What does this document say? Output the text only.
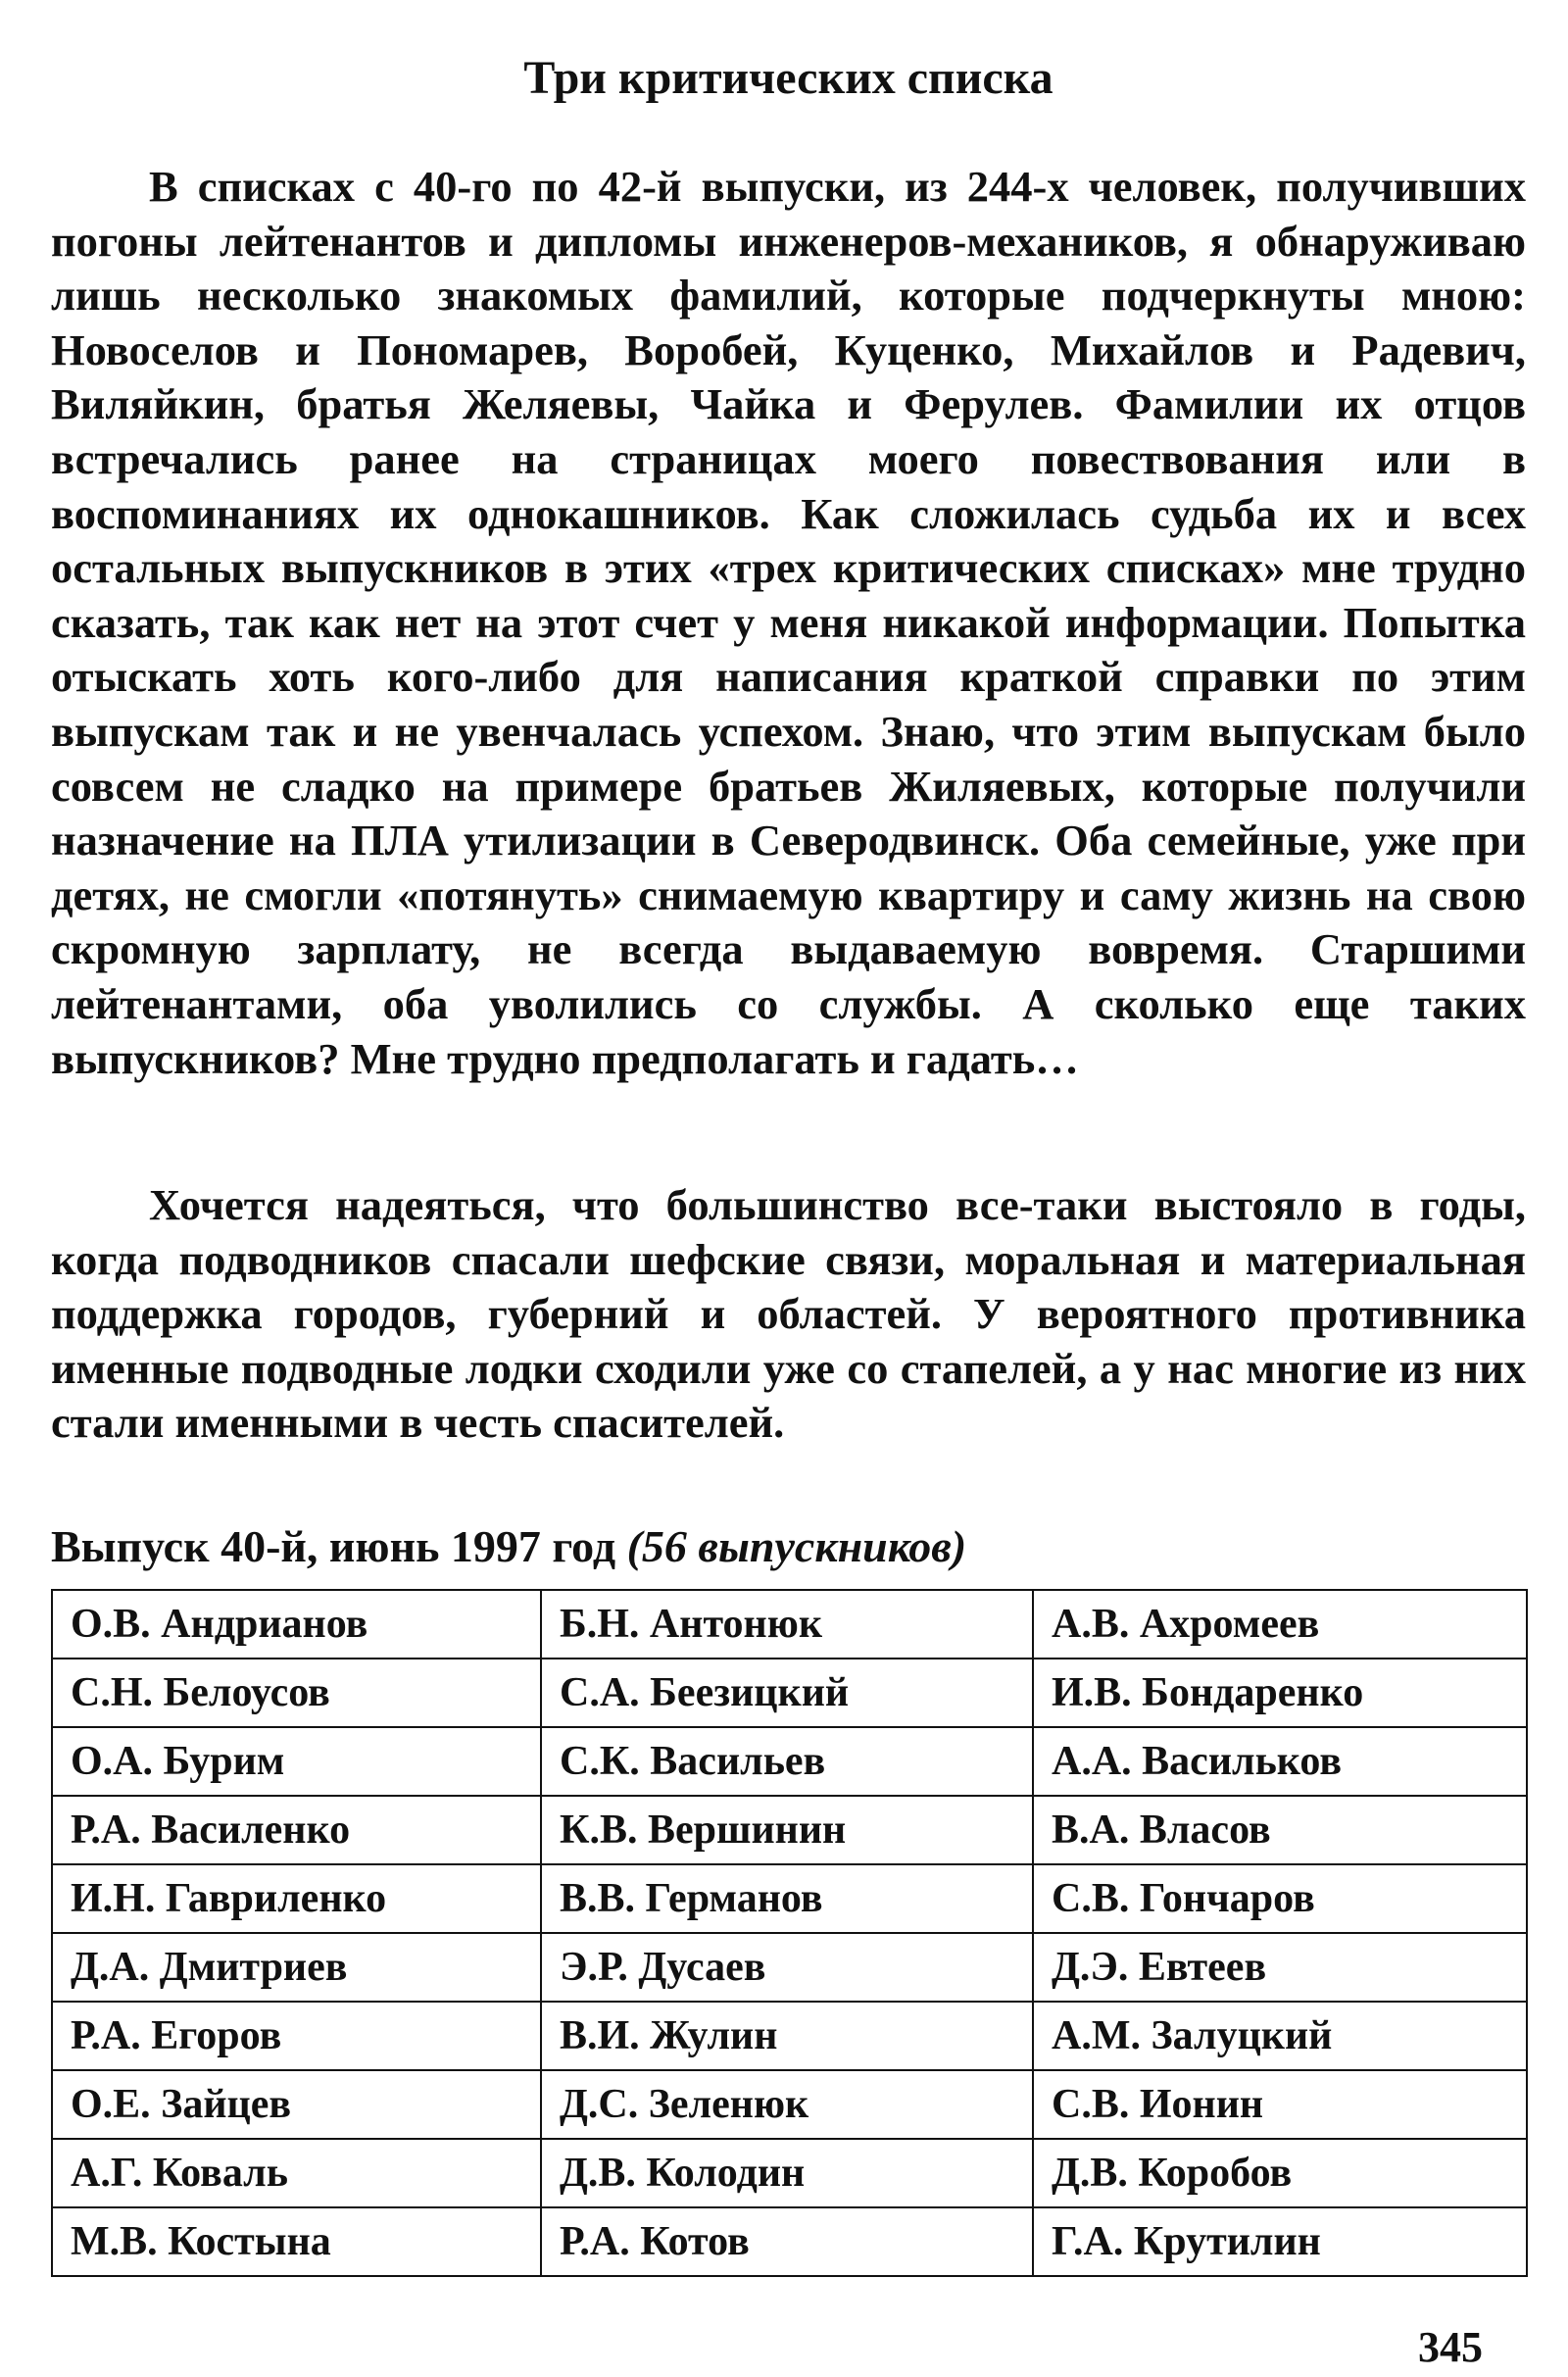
Три критических списка

В списках с 40-го по 42-й выпуски, из 244-х человек, получивших погоны лейтенантов и дипломы инженеров-механиков, я обнаруживаю лишь несколько знакомых фамилий, которые подчеркнуты мною: Новоселов и Пономарев, Воробей, Куценко, Михайлов и Радевич, Виляйкин, братья Желяевы, Чайка и Ферулев. Фамилии их отцов встречались ранее на страницах моего повествования или в воспоминаниях их однокашников. Как сложилась судьба их и всех остальных выпускников в этих «трех критических списках» мне трудно сказать, так как нет на этот счет у меня никакой информации. Попытка отыскать хоть кого-либо для написания краткой справки по этим выпускам так и не увенчалась успехом. Знаю, что этим выпускам было совсем не сладко на примере братьев Жиляевых, которые получили назначение на ПЛА утилизации в Северодвинск. Оба семейные, уже при детях, не смогли «потянуть» снимаемую квартиру и саму жизнь на свою скромную зарплату, не всегда выдаваемую вовремя. Старшими лейтенантами, оба уволились со службы. А сколько еще таких выпускников? Мне трудно предполагать и гадать…

Хочется надеяться, что большинство все-таки выстояло в годы, когда подводников спасали шефские связи, моральная и материальная поддержка городов, губерний и областей. У вероятного противника именные подводные лодки сходили уже со стапелей, а у нас многие из них стали именными в честь спасителей.

Выпуск 40-й, июнь 1997 год (56 выпускников)
О.В. Андрианов	Б.Н. Антонюк	А.В. Ахромеев
С.Н. Белоусов	С.А. Беезицкий	И.В. Бондаренко
О.А. Бурим	С.К. Васильев	А.А. Васильков
Р.А. Василенко	К.В. Вершинин	В.А. Власов
И.Н. Гавриленко	В.В. Германов	С.В. Гончаров
Д.А. Дмитриев	Э.Р. Дусаев	Д.Э. Евтеев
Р.А. Егоров	В.И. Жулин	А.М. Залуцкий
О.Е. Зайцев	Д.С. Зеленюк	С.В. Ионин
А.Г. Коваль	Д.В. Колодин	Д.В. Коробов
М.В. Костына	Р.А. Котов	Г.А. Крутилин
345
